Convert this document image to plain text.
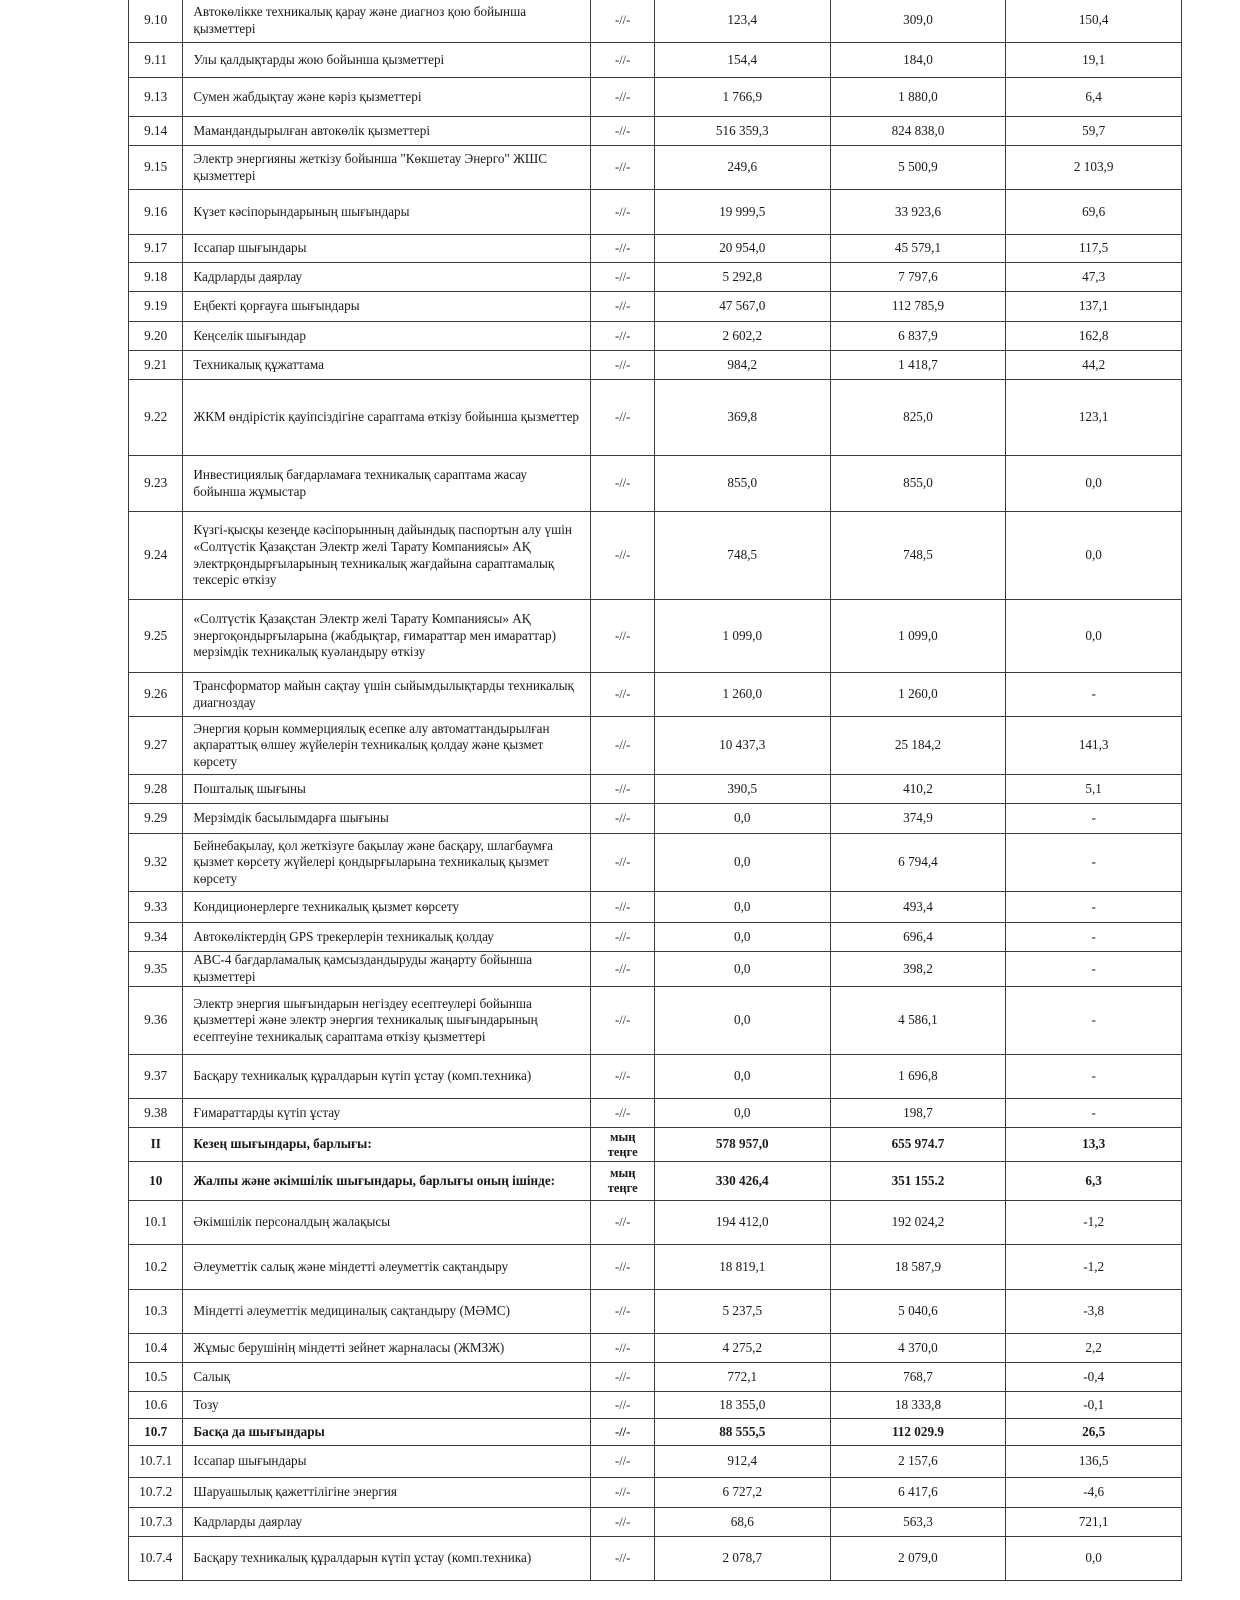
9.10	Автокөлікке техникалық қарау және диагноз қою бойынша қызметтері	-//-	123,4	309,0	150,4
9.11	Улы қалдықтарды жою бойынша қызметтері	-//-	154,4	184,0	19,1
9.13	Сумен жабдықтау және кәріз қызметтері	-//-	1 766,9	1 880,0	6,4
9.14	Мамандандырылған автокөлік қызметтері	-//-	516 359,3	824 838,0	59,7
9.15	Электр энергияны жеткізу бойынша "Көкшетау Энерго" ЖШС қызметтері	-//-	249,6	5 500,9	2 103,9
9.16	Күзет кәсіпорындарының шығындары	-//-	19 999,5	33 923,6	69,6
9.17	Іссапар шығындары	-//-	20 954,0	45 579,1	117,5
9.18	Кадрларды даярлау	-//-	5 292,8	7 797,6	47,3
9.19	Еңбекті қорғауға шығындары	-//-	47 567,0	112 785,9	137,1
9.20	Кеңселік шығындар	-//-	2 602,2	6 837,9	162,8
9.21	Техникалық құжаттама	-//-	984,2	1 418,7	44,2
9.22	ЖКМ өндірістік қауіпсіздігіне сараптама өткізу бойынша қызметтер	-//-	369,8	825,0	123,1
9.23	Инвестициялық бағдарламаға техникалық сараптама жасау бойынша жұмыстар	-//-	855,0	855,0	0,0
9.24	Күзгі-қысқы кезеңде кәсіпорынның дайындық паспортын алу үшін «Солтүстік Қазақстан Электр желі Тарату Компаниясы» АҚ электрқондырғыларының техникалық жағдайына сараптамалық тексеріс өткізу	-//-	748,5	748,5	0,0
9.25	«Солтүстік Қазақстан Электр желі Тарату Компаниясы» АҚ энергоқондырғыларына (жабдықтар, ғимараттар мен имараттар) мерзімдік техникалық куәландыру өткізу	-//-	1 099,0	1 099,0	0,0
9.26	Трансформатор майын сақтау үшін сыйымдылықтарды техникалық диагноздау	-//-	1 260,0	1 260,0	-
9.27	Энергия қорын коммерциялық есепке алу автоматтандырылған ақпараттық өлшеу жүйелерін техникалық қолдау және қызмет көрсету	-//-	10 437,3	25 184,2	141,3
9.28	Пошталық шығыны	-//-	390,5	410,2	5,1
9.29	Мерзімдік басылымдарға шығыны	-//-	0,0	374,9	-
9.32	Бейнебақылау, қол жеткізуге бақылау және басқару, шлагбаумға қызмет көрсету жүйелері қондырғыларына техникалық қызмет көрсету	-//-	0,0	6 794,4	-
9.33	Кондиционерлерге техникалық қызмет көрсету	-//-	0,0	493,4	-
9.34	Автокөліктердің GPS трекерлерін техникалық қолдау	-//-	0,0	696,4	-
9.35	АВС-4 бағдарламалық қамсыздандыруды жаңарту бойынша қызметтері	-//-	0,0	398,2	-
9.36	Электр энергия шығындарын негіздеу есептеулері бойынша қызметтері және электр энергия техникалық шығындарының есептеуіне техникалық сараптама өткізу қызметтері	-//-	0,0	4 586,1	-
9.37	Басқару техникалық құралдарын күтіп ұстау (комп.техника)	-//-	0,0	1 696,8	-
9.38	Ғимараттарды күтіп ұстау	-//-	0,0	198,7	-
II	Кезең шығындары, барлығы:	мың теңге	578 957,0	655 974.7	13,3
10	Жалпы және әкімшілік шығындары, барлығы оның ішінде:	мың теңге	330 426,4	351 155.2	6,3
10.1	Әкімшілік персоналдың жалақысы	-//-	194 412,0	192 024,2	-1,2
10.2	Әлеуметтік салық және міндетті әлеуметтік сақтандыру	-//-	18 819,1	18 587,9	-1,2
10.3	Міндетті әлеуметтік медициналық сақтандыру (МӘМС)	-//-	5 237,5	5 040,6	-3,8
10.4	Жұмыс берушінің міндетті зейнет жарналасы (ЖМЗЖ)	-//-	4 275,2	4 370,0	2,2
10.5	Салық	-//-	772,1	768,7	-0,4
10.6	Тозу	-//-	18 355,0	18 333,8	-0,1
10.7	Басқа да шығындары	-//-	88 555,5	112 029.9	26,5
10.7.1	Іссапар шығындары	-//-	912,4	2 157,6	136,5
10.7.2	Шаруашылық қажеттілігіне энергия	-//-	6 727,2	6 417,6	-4,6
10.7.3	Кадрларды даярлау	-//-	68,6	563,3	721,1
10.7.4	Басқару техникалық құралдарын күтіп ұстау (комп.техника)	-//-	2 078,7	2 079,0	0,0
